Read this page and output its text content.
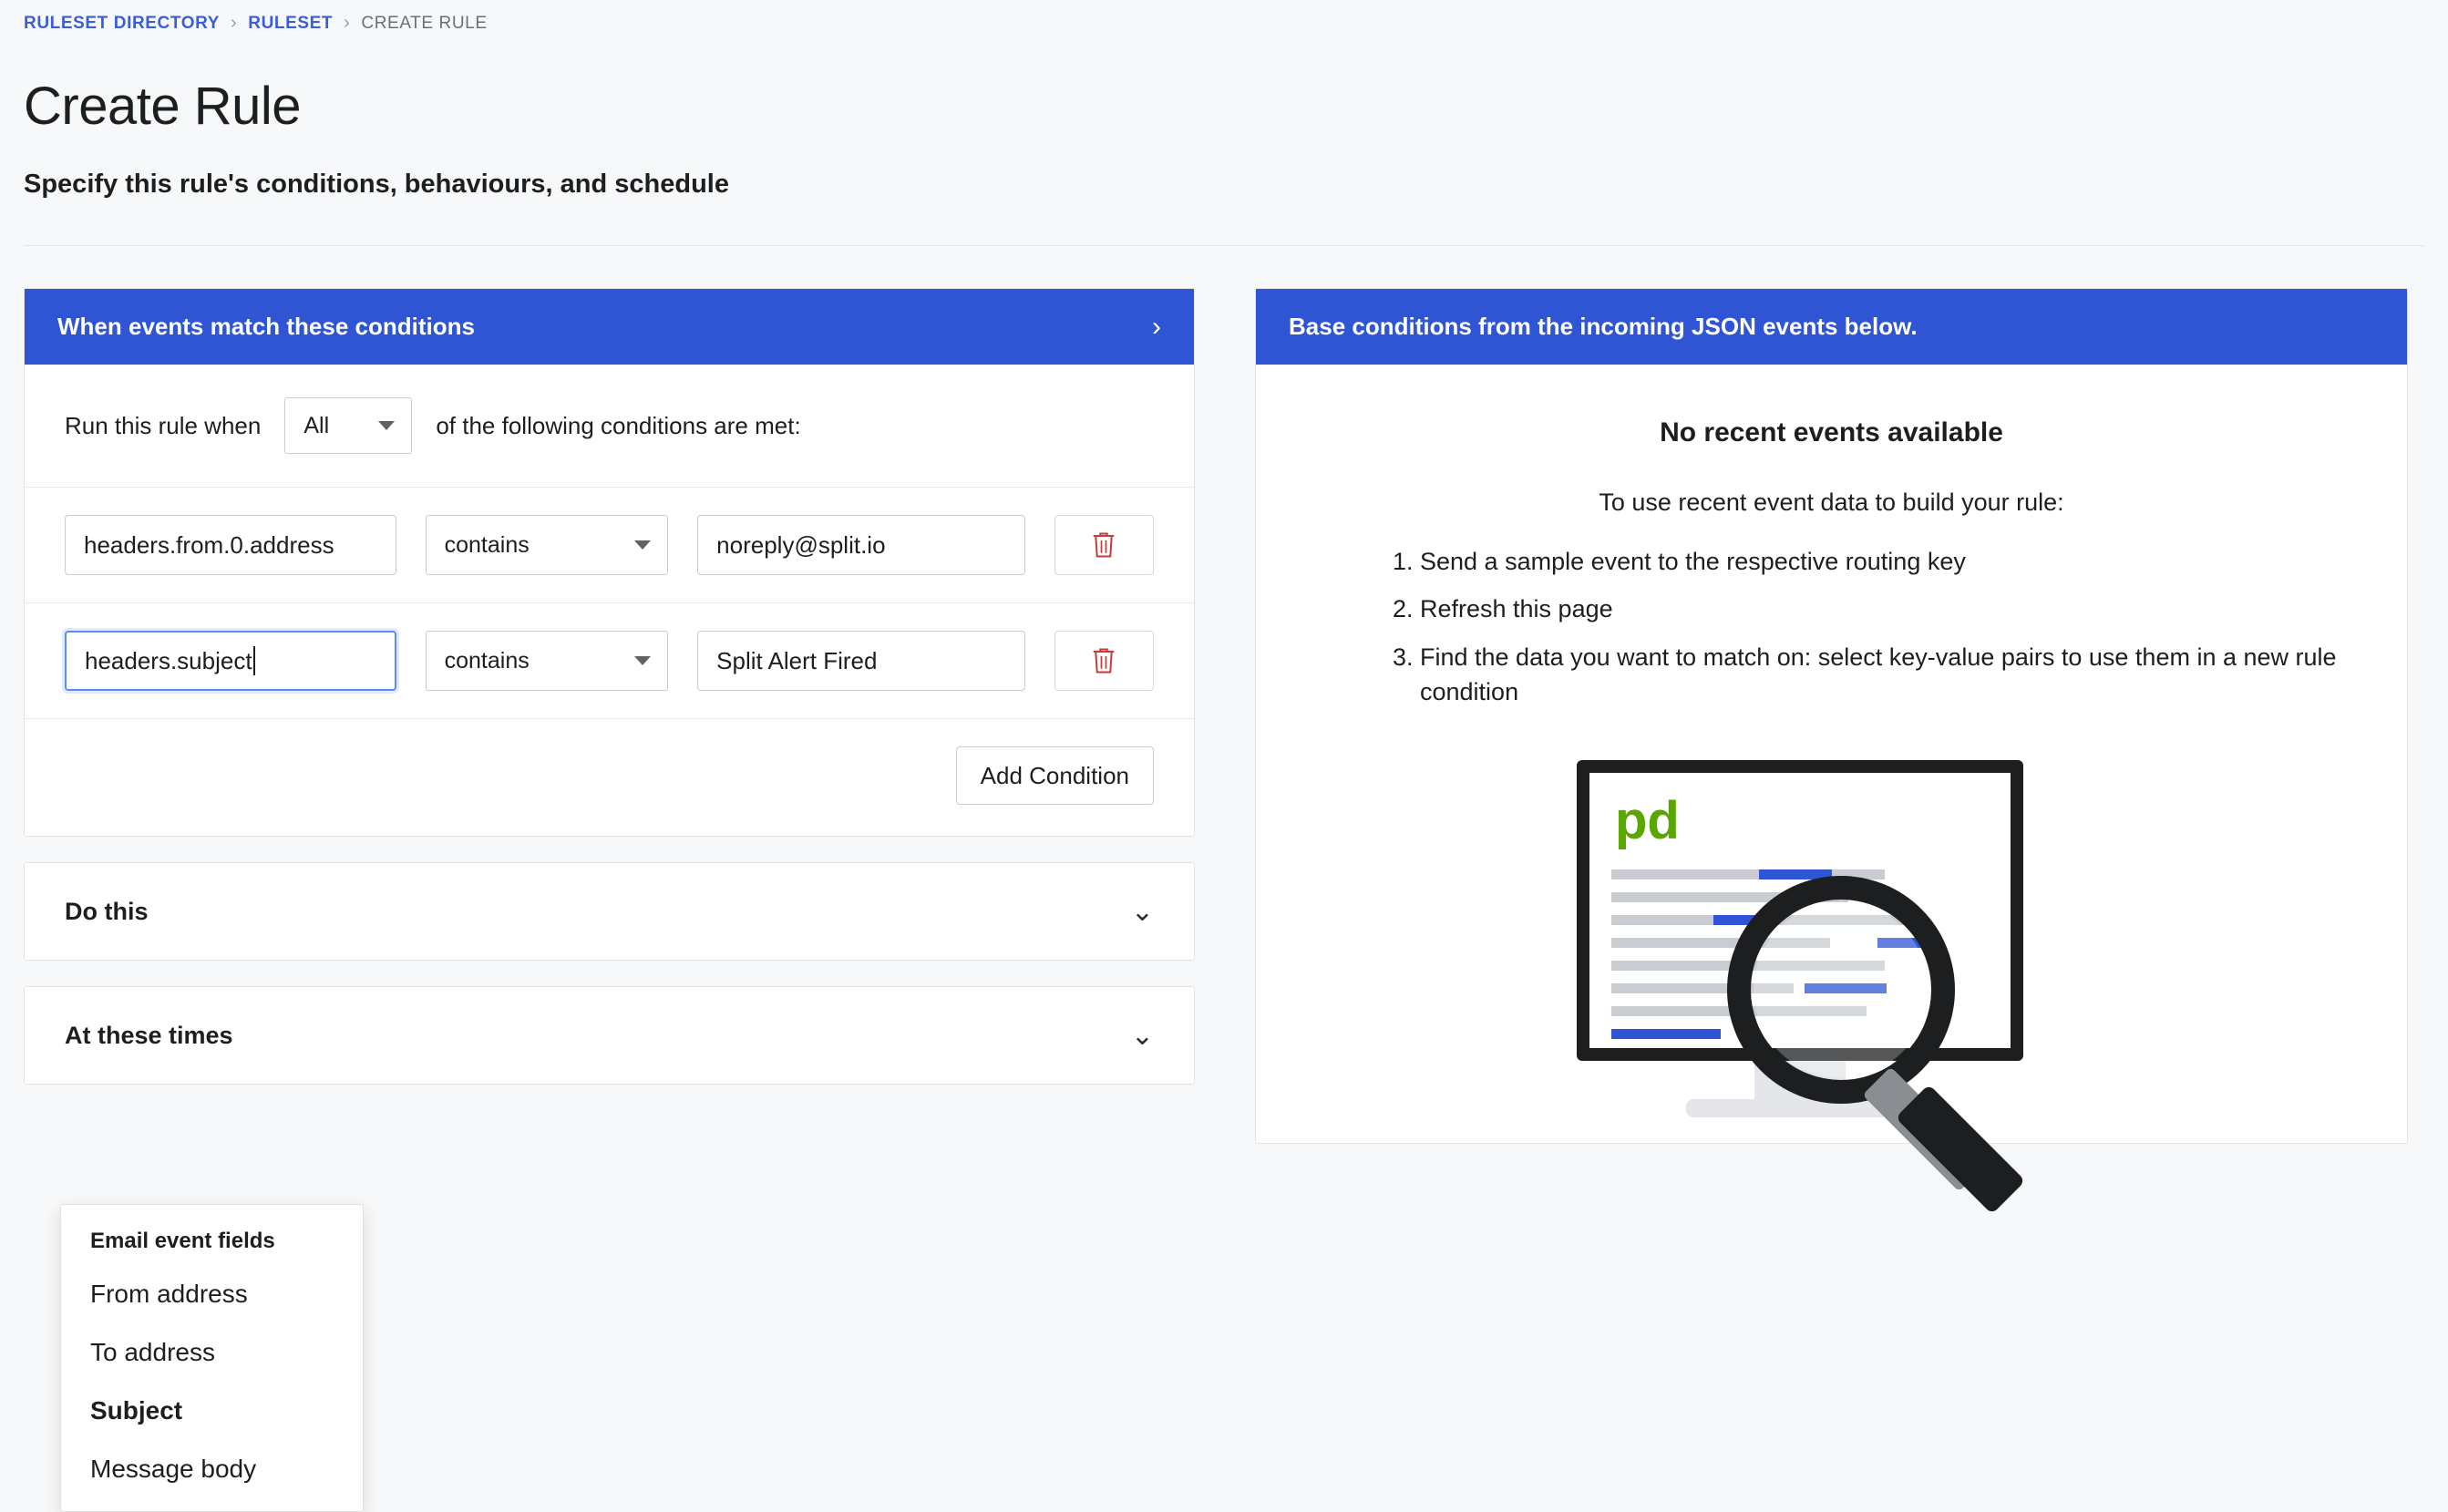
RULESET DIRECTORY › RULESET › CREATE RULE
Create Rule
Specify this rule's conditions, behaviours, and schedule
When events match these conditions	›
Run this rule when All	of the following conditions are met:
headers.from.0.address	contains	noreply@split.io
headers.subject	contains	Split Alert Fired
Add Condition
Do this	⌄
At these times	⌄
Email event fields
From address
To address
Subject
Message body
Base conditions from the incoming JSON events below.
No recent events available
To use recent event data to build your rule:
1. Send a sample event to the respective routing key
2. Refresh this page
3. Find the data you want to match on: select key-value pairs to use them in a new rule condition
pd
